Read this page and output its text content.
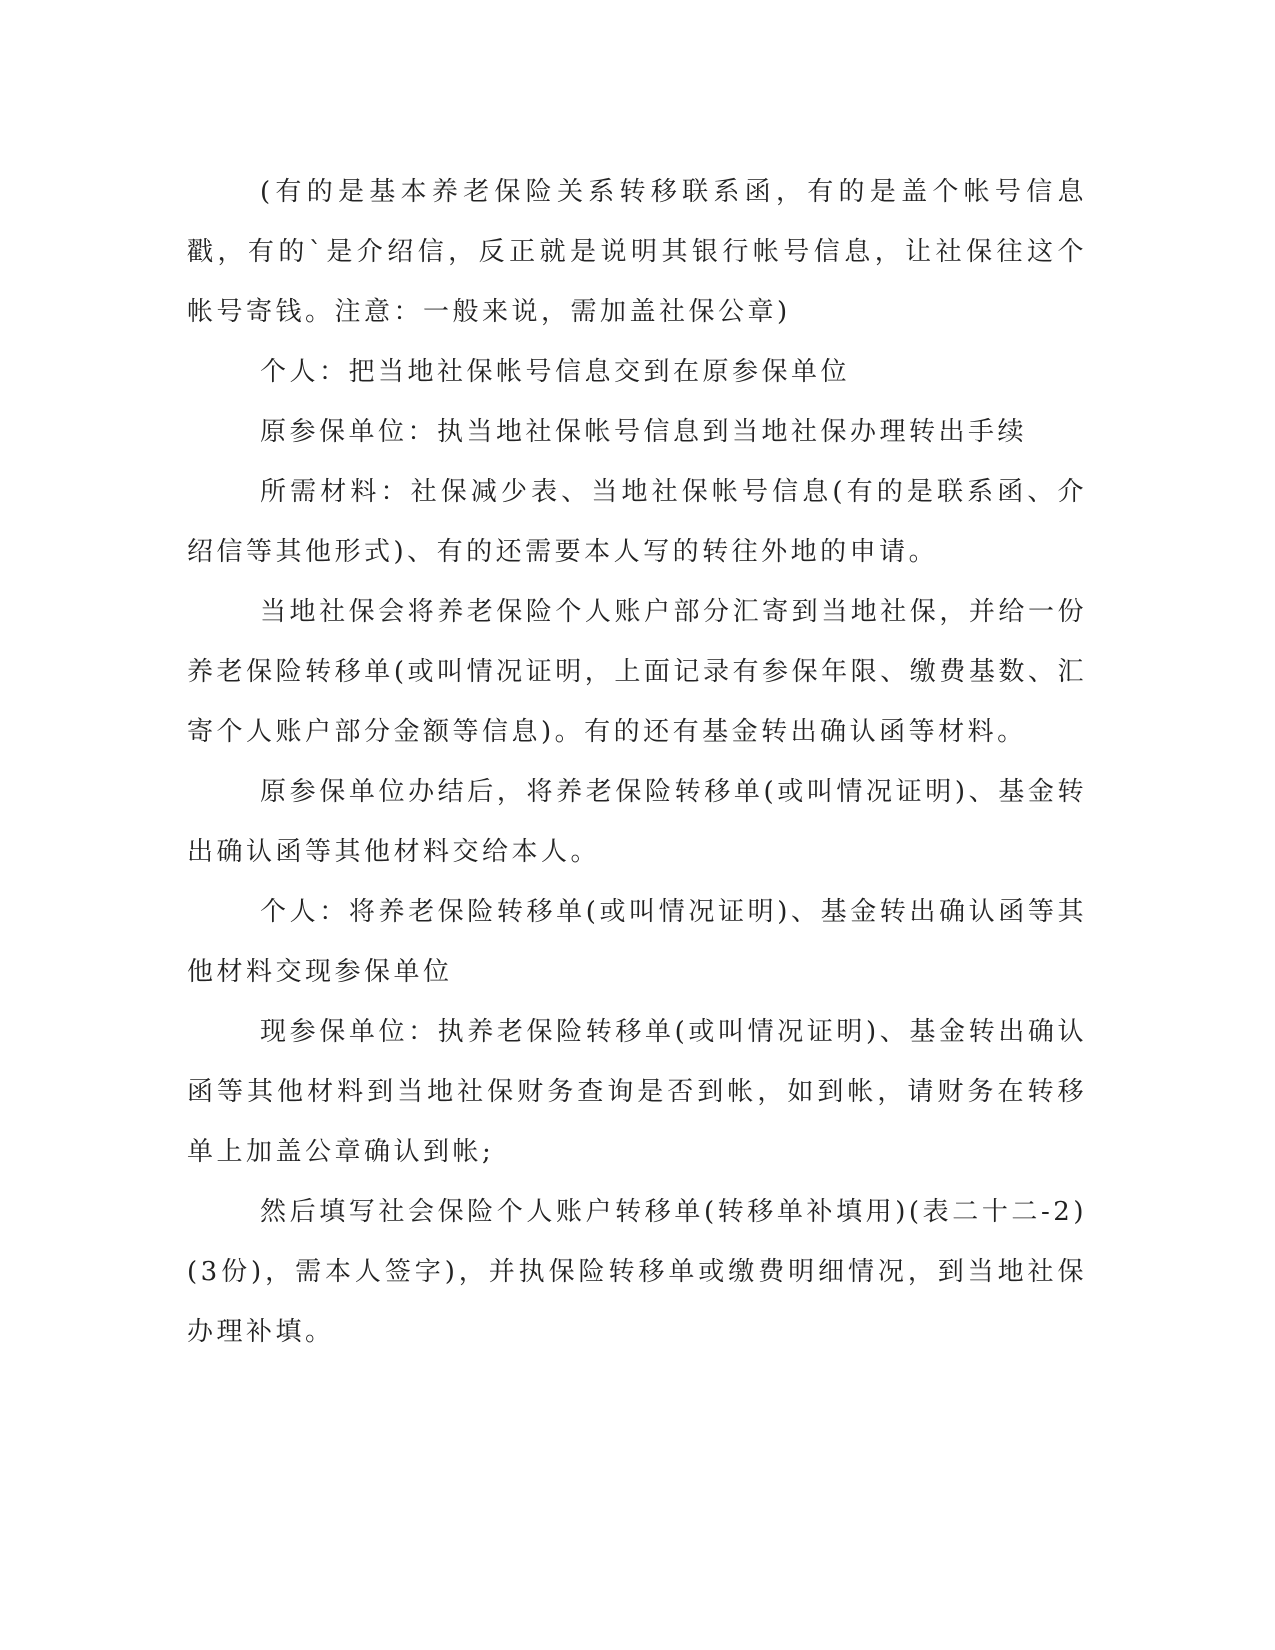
(有的是基本养老保险关系转移联系函，有的是盖个帐号信息戳，有的`是介绍信，反正就是说明其银行帐号信息，让社保往这个帐号寄钱。注意：一般来说，需加盖社保公章)

个人：把当地社保帐号信息交到在原参保单位

原参保单位：执当地社保帐号信息到当地社保办理转出手续

所需材料：社保减少表、当地社保帐号信息(有的是联系函、介绍信等其他形式)、有的还需要本人写的转往外地的申请。

当地社保会将养老保险个人账户部分汇寄到当地社保，并给一份养老保险转移单(或叫情况证明，上面记录有参保年限、缴费基数、汇寄个人账户部分金额等信息)。有的还有基金转出确认函等材料。

原参保单位办结后，将养老保险转移单(或叫情况证明)、基金转出确认函等其他材料交给本人。

个人：将养老保险转移单(或叫情况证明)、基金转出确认函等其他材料交现参保单位

现参保单位：执养老保险转移单(或叫情况证明)、基金转出确认函等其他材料到当地社保财务查询是否到帐，如到帐，请财务在转移单上加盖公章确认到帐;

然后填写社会保险个人账户转移单(转移单补填用)(表二十二-2)(3份)，需本人签字)，并执保险转移单或缴费明细情况，到当地社保办理补填。
